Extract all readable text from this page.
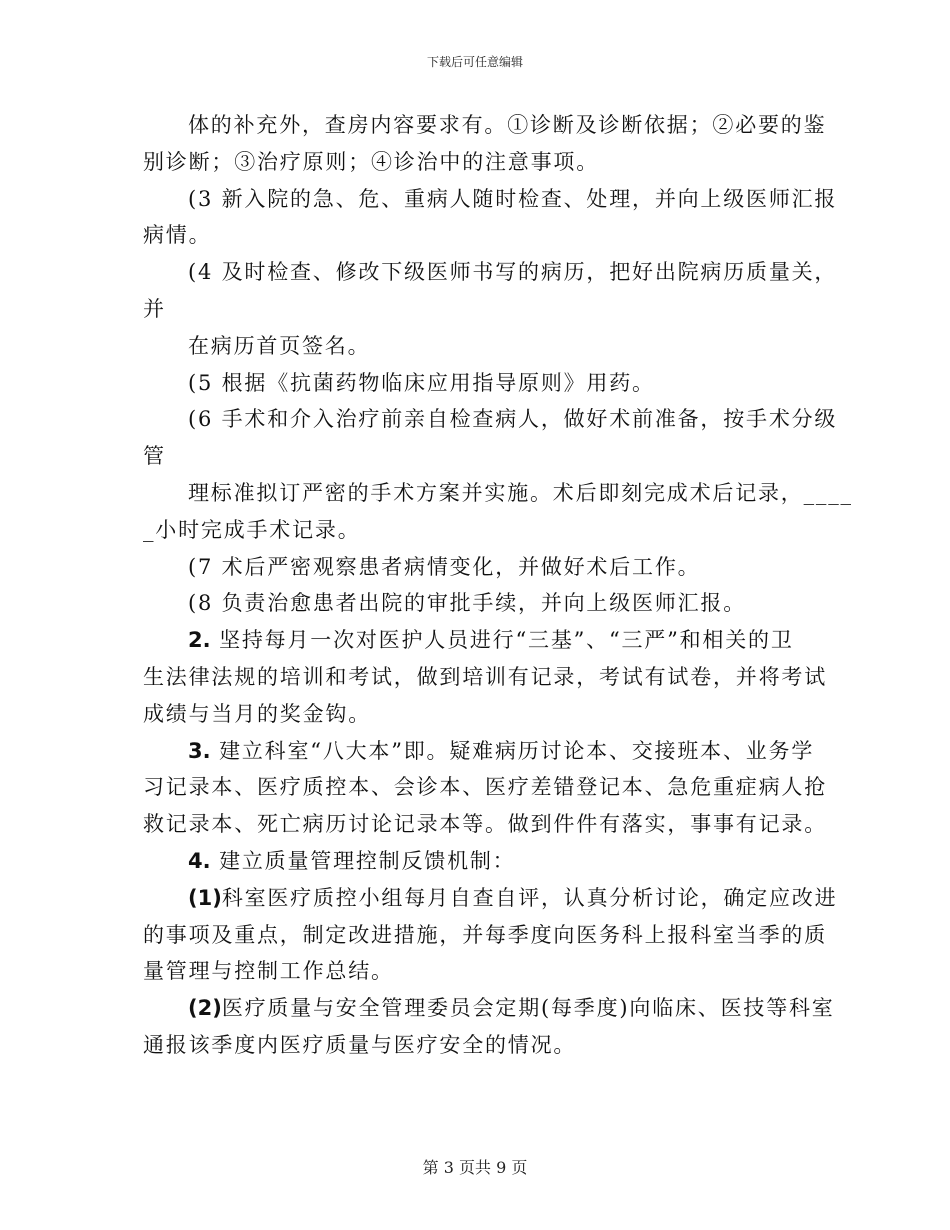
下载后可任意编辑
体的补充外，查房内容要求有。①诊断及诊断依据；②必要的鉴
别诊断；③治疗原则；④诊治中的注意事项。
(3 新入院的急、危、重病人随时检查、处理，并向上级医师汇报
病情。
(4 及时检查、修改下级医师书写的病历，把好出院病历质量关，
并
在病历首页签名。
(5 根据《抗菌药物临床应用指导原则》用药。
(6 手术和介入治疗前亲自检查病人，做好术前准备，按手术分级
管
理标准拟订严密的手术方案并实施。术后即刻完成术后记录，____
_小时完成手术记录。
(7 术后严密观察患者病情变化，并做好术后工作。
(8 负责治愈患者出院的审批手续，并向上级医师汇报。
2. 坚持每月一次对医护人员进行“三基”、“三严”和相关的卫
生法律法规的培训和考试，做到培训有记录，考试有试卷，并将考试
成绩与当月的奖金钩。
3. 建立科室“八大本”即。疑难病历讨论本、交接班本、业务学
习记录本、医疗质控本、会诊本、医疗差错登记本、急危重症病人抢
救记录本、死亡病历讨论记录本等。做到件件有落实，事事有记录。
4. 建立质量管理控制反馈机制：
(1)科室医疗质控小组每月自查自评，认真分析讨论，确定应改进
的事项及重点，制定改进措施，并每季度向医务科上报科室当季的质
量管理与控制工作总结。
(2)医疗质量与安全管理委员会定期(每季度)向临床、医技等科室
通报该季度内医疗质量与医疗安全的情况。
第 3 页共 9 页
